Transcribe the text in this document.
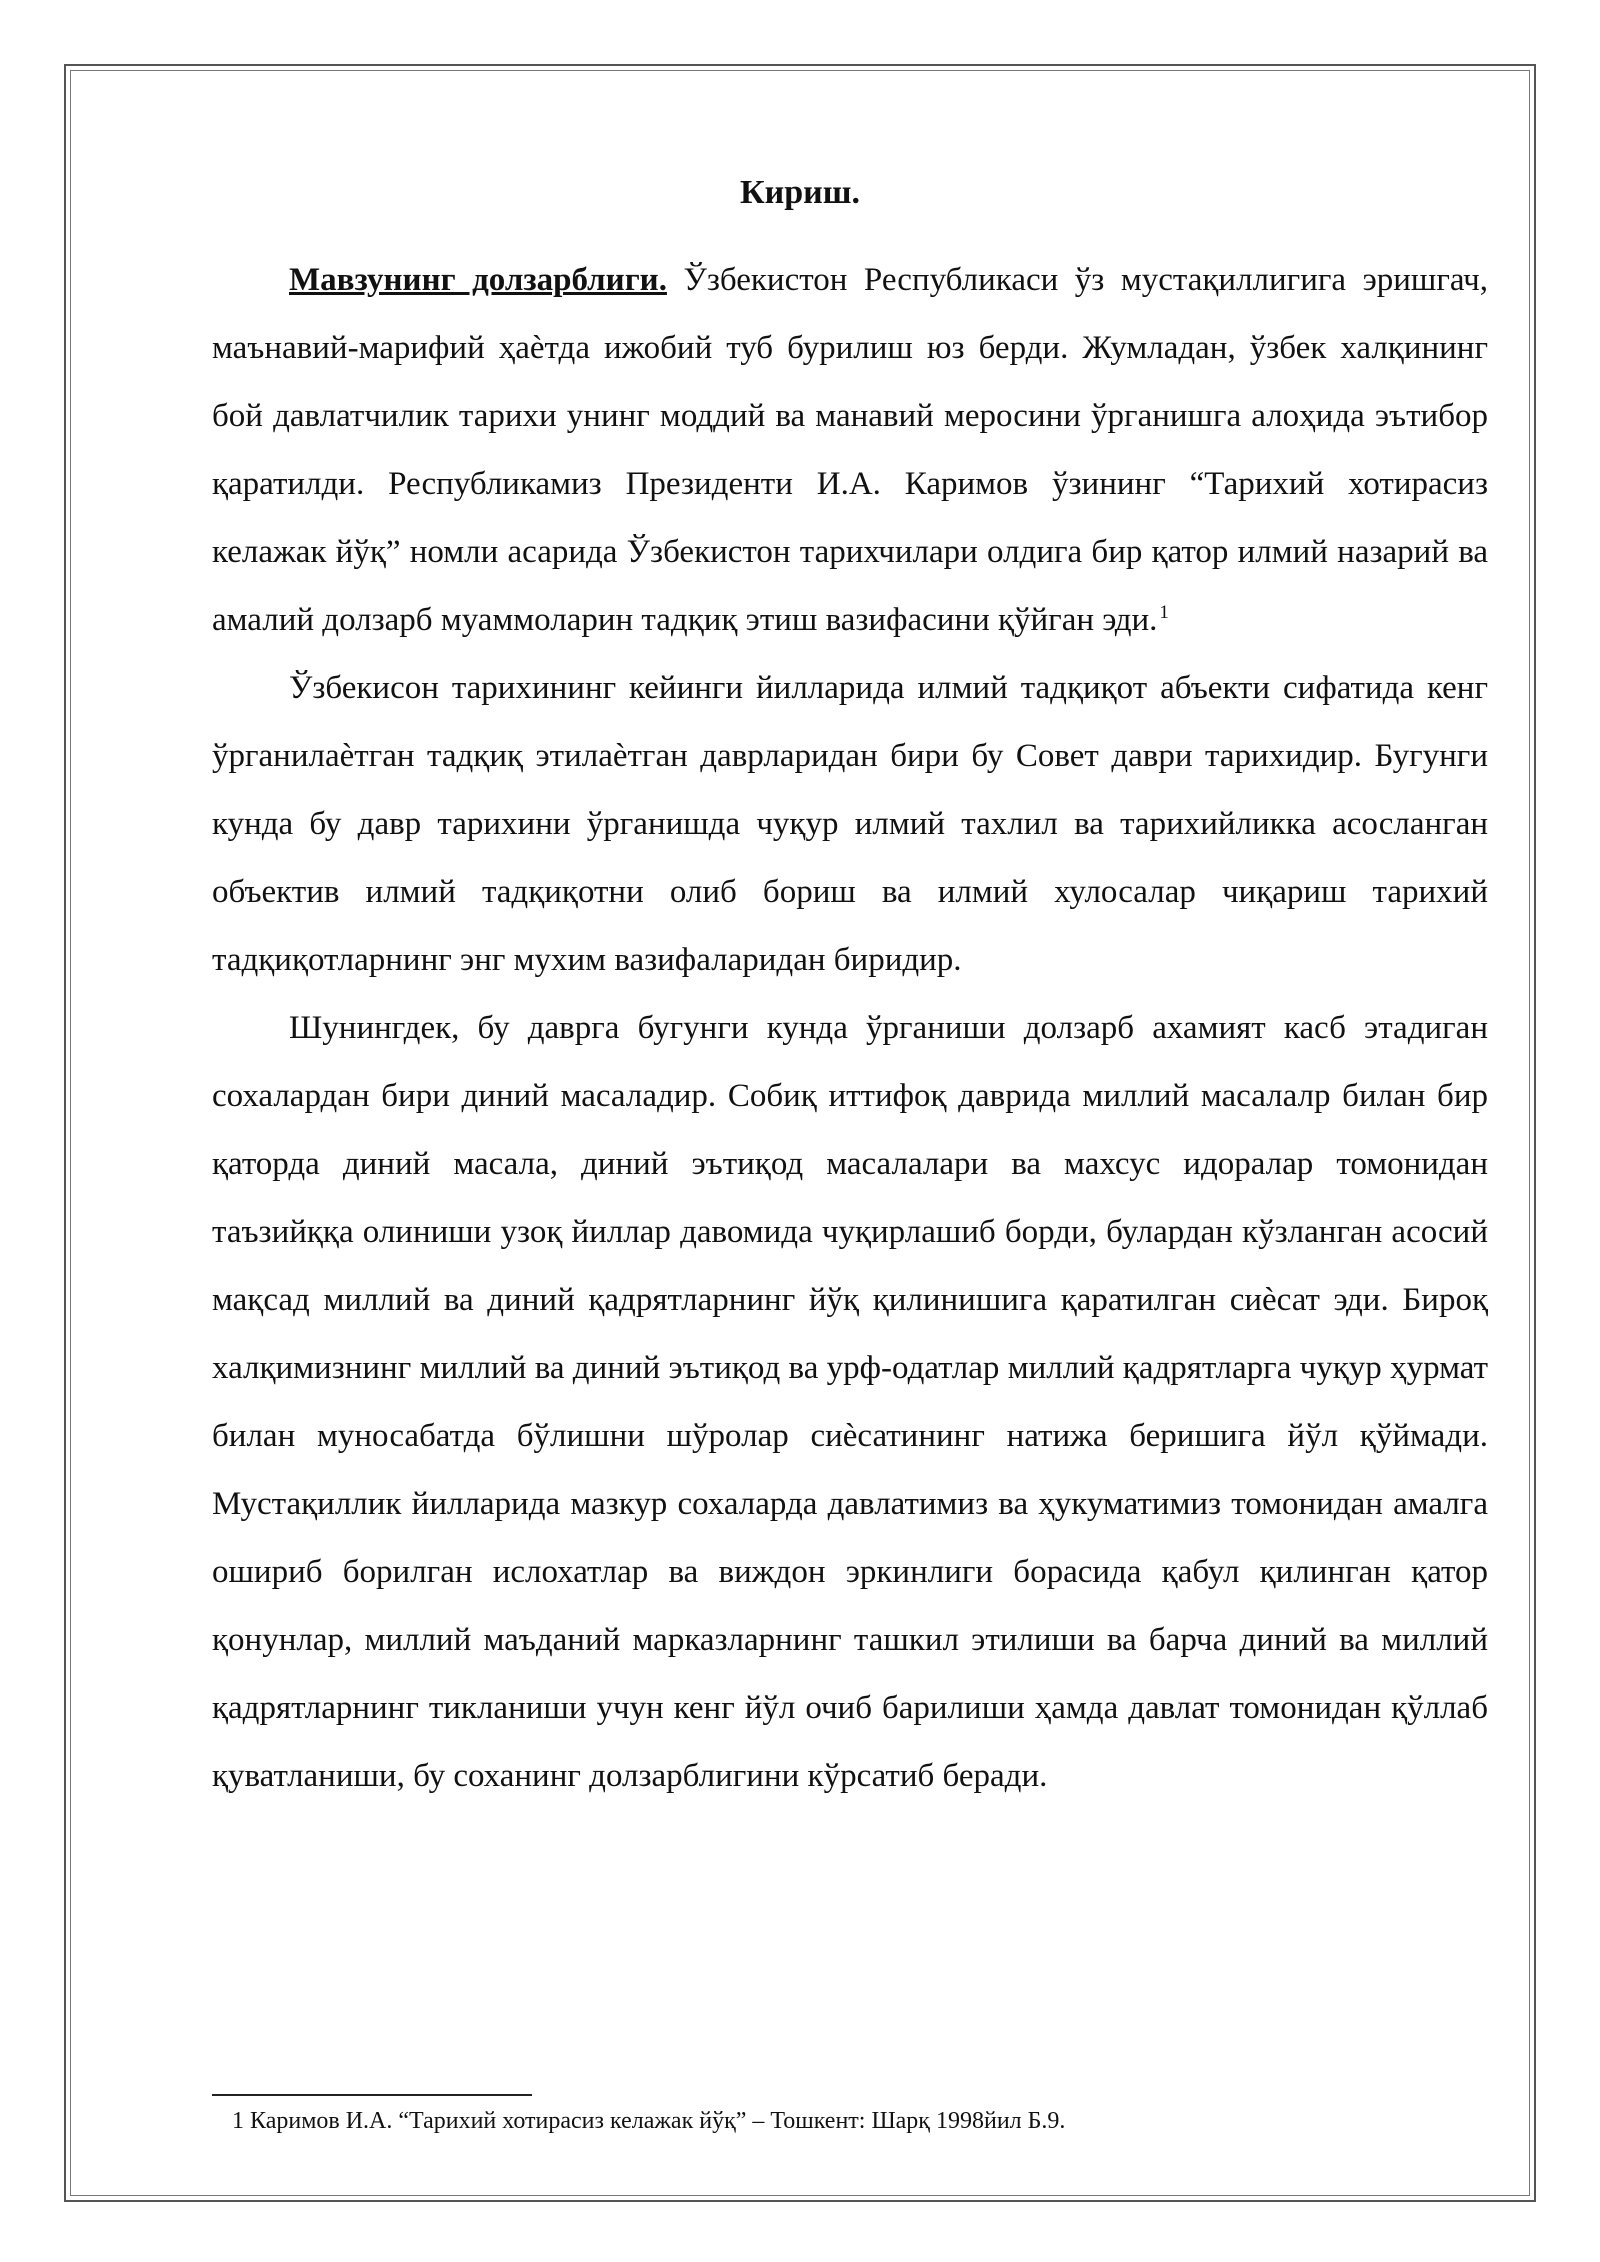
Кириш.

Мавзунинг долзарблиги. Ўзбекистон Республикаси ўз мустақиллигига эришгач, маънавий-марифий ҳаѐтда ижобий туб бурилиш юз берди. Жумладан, ўзбек халқининг бой давлатчилик тарихи унинг моддий ва манавий меросини ўрганишга алоҳида эътибор қаратилди. Республикамиз Президенти И.А. Каримов ўзининг “Тарихий хотирасиз келажак йўқ” номли асарида Ўзбекистон тарихчилари олдига бир қатор илмий назарий ва амалий долзарб муаммоларин тадқиқ этиш вазифасини қўйган эди. $^1$

Ўзбекисон тарихининг кейинги йилларида илмий тадқиқот абъекти сифатида кенг ўрганилаѐтган тадқиқ этилаѐтган даврларидан бири бу Совет даври тарихидир. Бугунги кунда бу давр тарихини ўрганишда чуқур илмий тахлил ва тарихийликка асосланган объектив илмий тадқиқотни олиб бориш ва илмий хулосалар чиқариш тарихий тадқиқотларнинг энг мухим вазифаларидан биридир.

Шунингдек, бу даврга бугунги кунда ўрганиши долзарб ахамият касб этадиган сохалардан бири диний масаладир. Собиқ иттифоқ даврида миллий масалалр билан бир қаторда диний масала, диний эътиқод масалалари ва махсус идоралар томонидан таъзийққа олиниши узоқ йиллар давомида чуқирлашиб борди, булардан кўзланган асосий мақсад миллий ва диний қадрятларнинг йўқ қилинишига қаратилган сиѐсат эди. Бироқ халқимизнинг миллий ва диний эътиқод ва урф-одатлар миллий қадрятларга чуқур ҳурмат билан муносабатда бўлишни шўролар сиѐсатининг натижа беришига йўл қўймади. Мустақиллик йилларида мазкур сохаларда давлатимиз ва ҳукуматимиз томонидан амалга ошириб борилган ислохатлар ва виждон эркинлиги борасида қабул қилинган қатор қонунлар, миллий маъданий марказларнинг ташкил этилиши ва барча диний ва миллий қадрятларнинг тикланиши учун кенг йўл очиб барилиши ҳамда давлат томонидан қўллаб қуватланиши, бу соханинг долзарблигини кўрсатиб беради.

1 Каримов И.А. “Тарихий хотирасиз келажак йўқ” – Тошкент: Шарқ 1998йил Б.9.
